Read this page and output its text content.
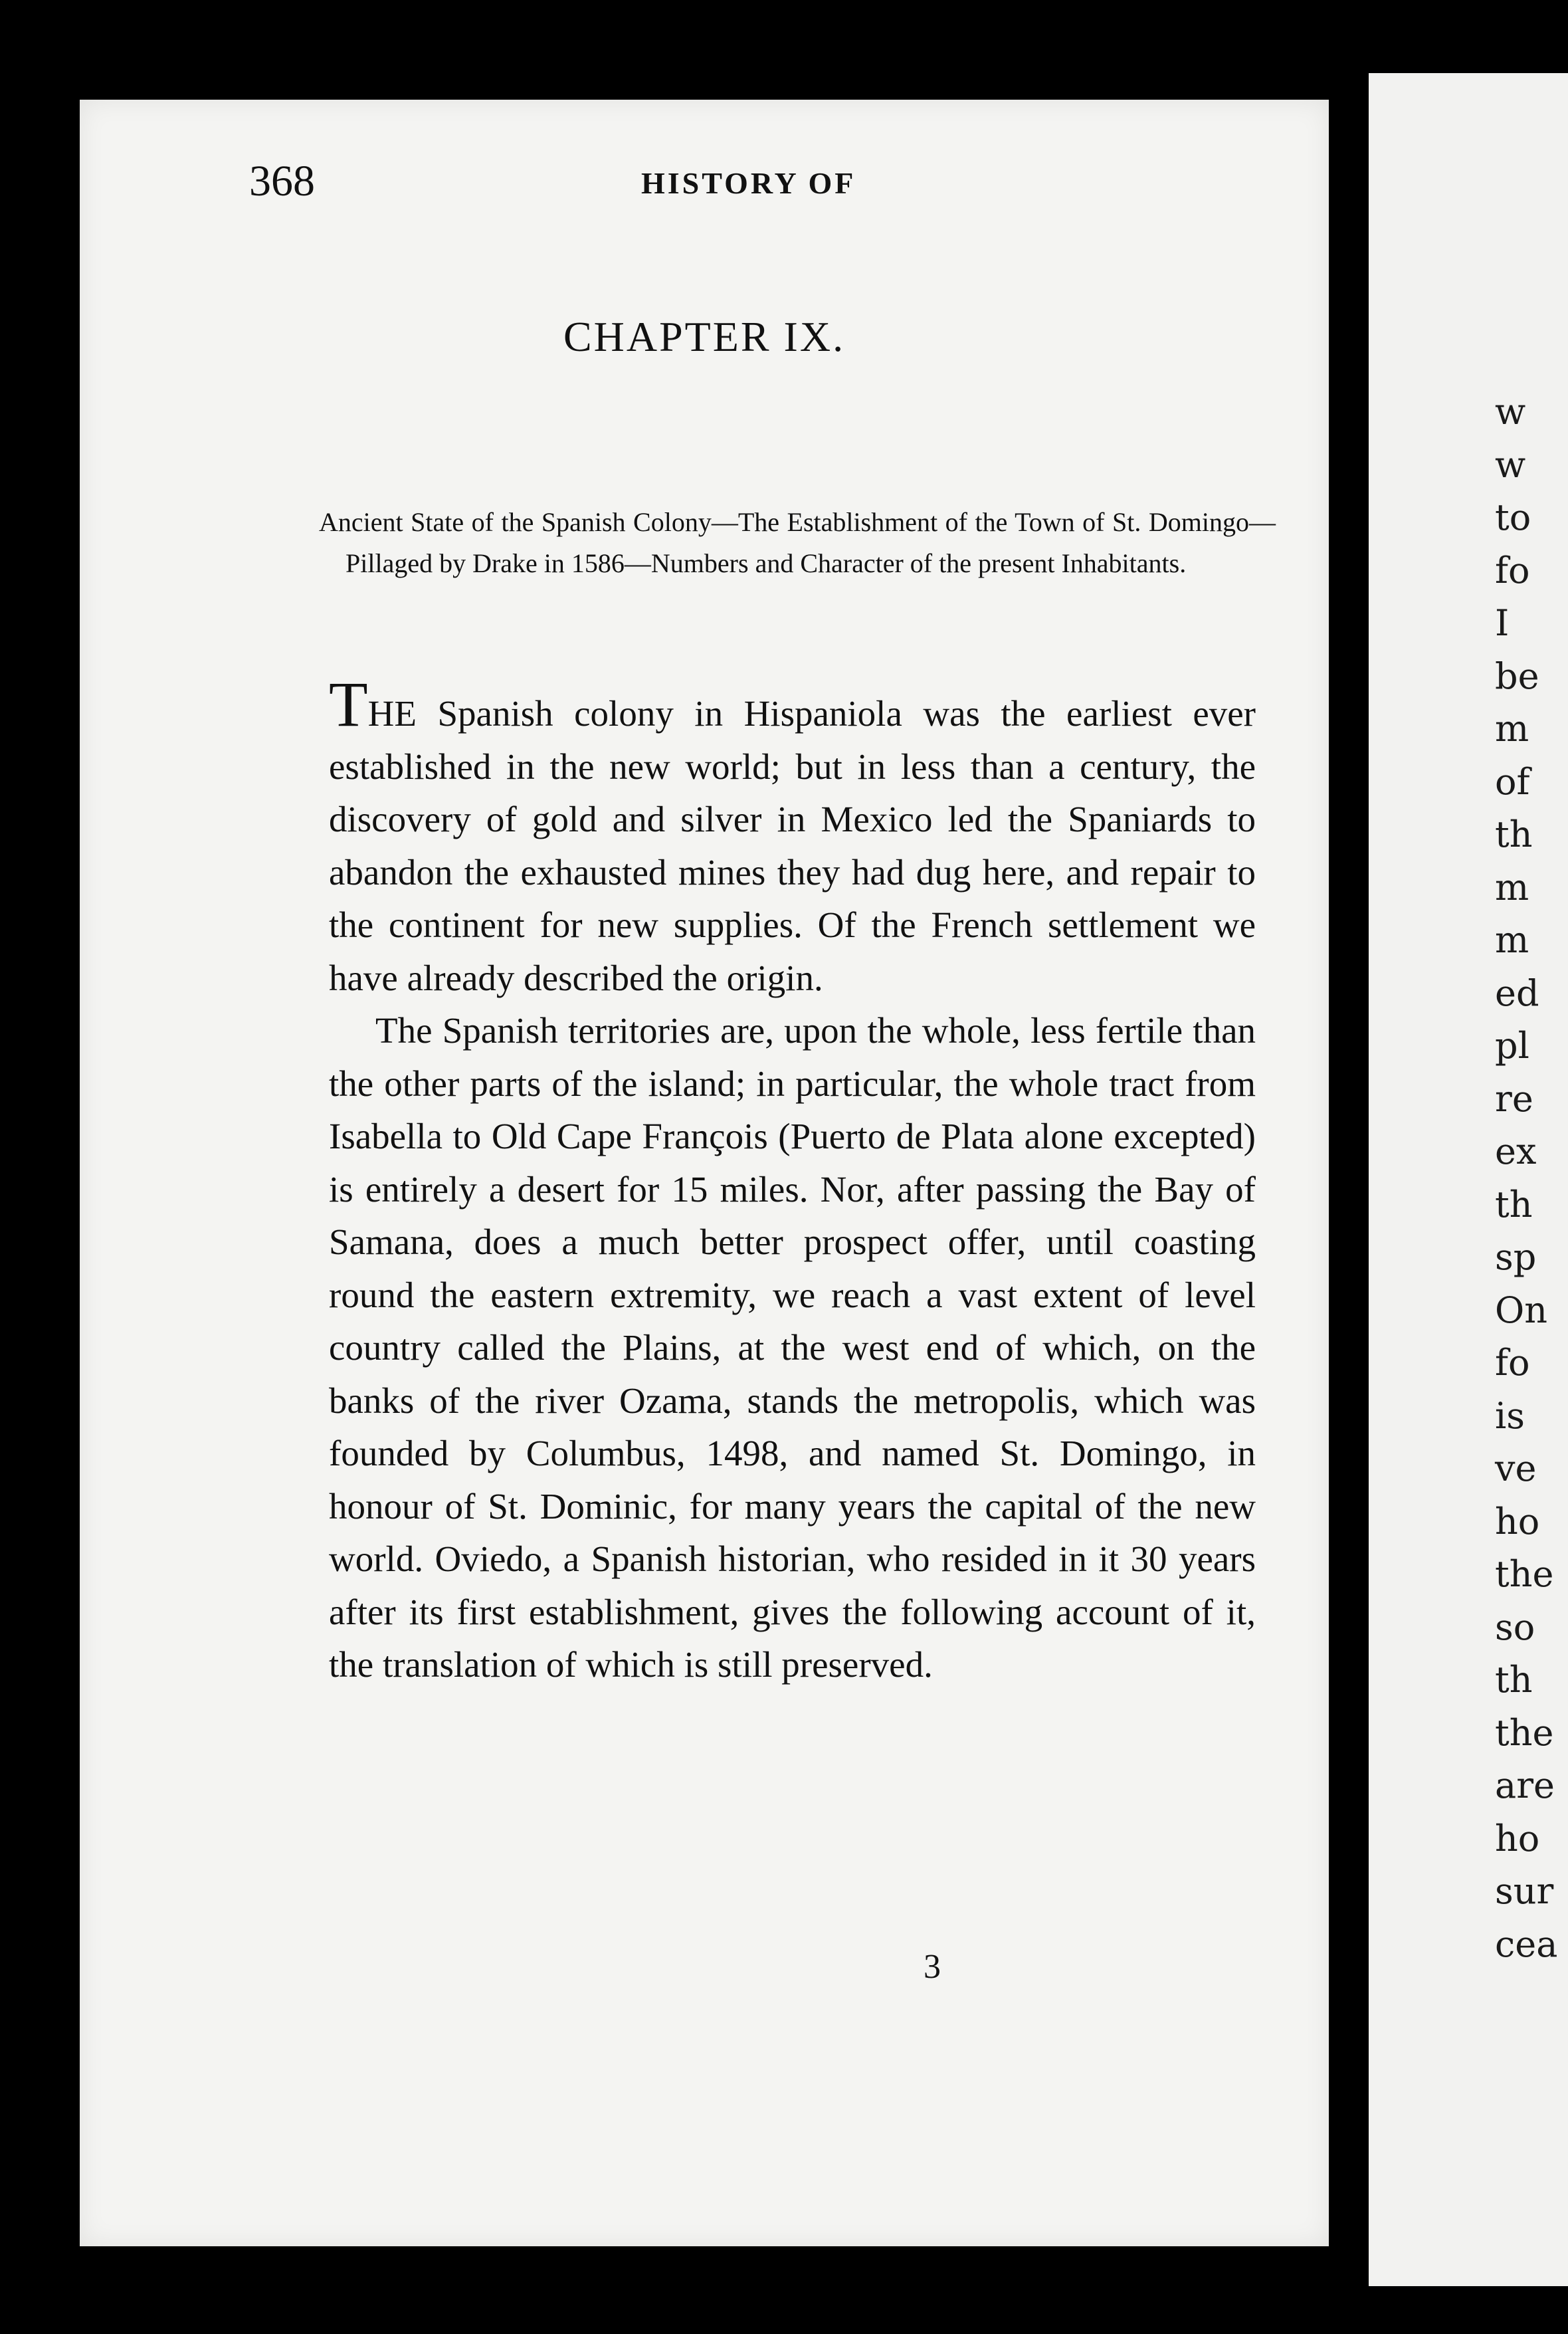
w
w
to
fo
I
be
m
of
th
m
m
ed
pl
re
ex
th
sp
On
fo
is
ve
ho
the
so
th
the
are
ho
sur
cea
368	HISTORY OF
CHAPTER IX.
Ancient State of the Spanish Colony—The Establishment of the Town of St. Domingo—Pillaged by Drake in 1586—Numbers and Character of the present Inhabitants.

THE Spanish colony in Hispaniola was the earliest ever established in the new world; but in less than a century, the discovery of gold and silver in Mexico led the Spaniards to abandon the exhausted mines they had dug here, and repair to the continent for new supplies. Of the French settlement we have already described the origin.

The Spanish territories are, upon the whole, less fertile than the other parts of the island; in particular, the whole tract from Isabella to Old Cape François (Puerto de Plata alone excepted) is entirely a desert for 15 miles. Nor, after passing the Bay of Samana, does a much better prospect offer, until coasting round the eastern extremity, we reach a vast extent of level country called the Plains, at the west end of which, on the banks of the river Ozama, stands the metropolis, which was founded by Columbus, 1498, and named St. Domingo, in honour of St. Dominic, for many years the capital of the new world. Oviedo, a Spanish historian, who resided in it 30 years after its first establishment, gives the following account of it, the translation of which is still preserved.

3
